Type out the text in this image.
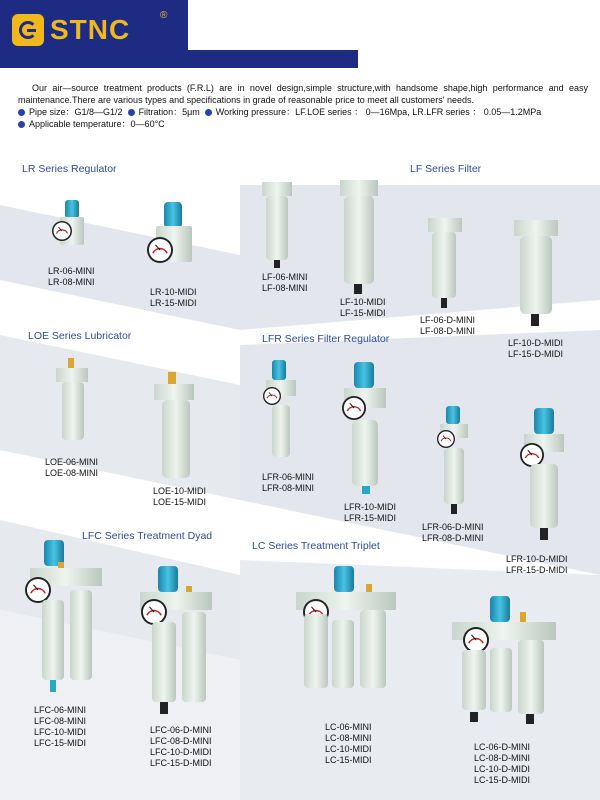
STNC	®

Our air—source treatment products (F.R.L) are in novel design,simple structure,with handsome shape,high performance and easy maintenance.There are various types and specifications in grade of reasonable price to meet all customers' needs.

Pipe size：G1/8—G1/2 Filtration：5μm Working pressure：LF.LOE series ： 0—16Mpa, LR.LFR series ： 0.05—1.2MPa
Applicable temperature：0—60°C
LR Series Regulator	LF Series Filter
LOE Series Lubricator	LFR Series Filter Regulator
LFC Series Treatment Dyad
LC Series Treatment Triplet
LR-06-MINI
LR-08-MINI
LR-10-MIDI
LR-15-MIDI
LF-06-MINI
LF-08-MINI
LF-10-MIDI
LF-15-MIDI
LF-06-D-MINI
LF-08-D-MINI
LF-10-D-MIDI
LF-15-D-MIDI
LOE-06-MINI
LOE-08-MINI
LOE-10-MIDI
LOE-15-MIDI
LFR-06-MINI
LFR-08-MINI
LFR-10-MIDI
LFR-15-MIDI
LFR-06-D-MINI
LFR-08-D-MINI
LFR-10-D-MIDI
LFR-15-D-MIDI
LFC-06-MINI
LFC-08-MINI
LFC-10-MIDI
LFC-15-MIDI
LFC-06-D-MINI
LFC-08-D-MINI
LFC-10-D-MIDI
LFC-15-D-MIDI
LC-06-MINI
LC-08-MINI
LC-10-MIDI
LC-15-MIDI
LC-06-D-MINI
LC-08-D-MINI
LC-10-D-MIDI
LC-15-D-MIDI
